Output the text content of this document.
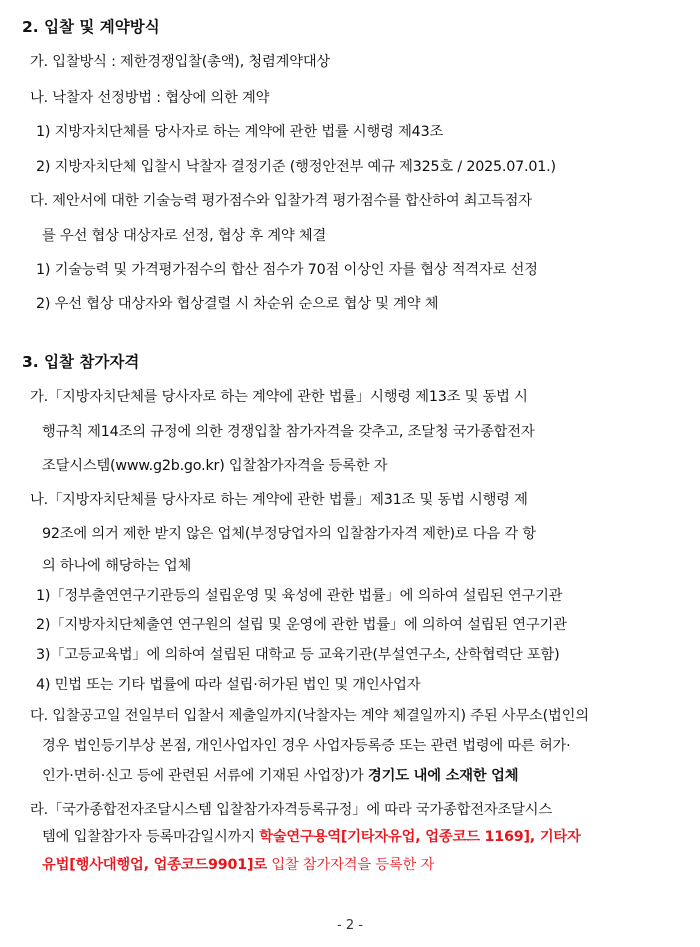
2. 입찰 및 계약방식
가. 입찰방식 : 제한경쟁입찰(총액), 청렴계약대상
나. 낙찰자 선정방법 : 협상에 의한 계약
1) 지방자치단체를 당사자로 하는 계약에 관한 법률 시행령 제43조
2) 지방자치단체 입찰시 낙찰자 결정기준 (행정안전부 예규 제325호 / 2025.07.01.)
다. 제안서에 대한 기술능력 평가점수와 입찰가격 평가점수를 합산하여 최고득점자
를 우선 협상 대상자로 선정, 협상 후 계약 체결
1) 기술능력 및 가격평가점수의 합산 점수가 70점 이상인 자를 협상 적격자로 선정
2) 우선 협상 대상자와 협상결렬 시 차순위 순으로 협상 및 계약 체
3. 입찰 참가자격
가.「지방자치단체를 당사자로 하는 계약에 관한 법률」시행령 제13조 및 동법 시
행규칙 제14조의 규정에 의한 경쟁입찰 참가자격을 갖추고, 조달청 국가종합전자
조달시스템(www.g2b.go.kr) 입찰참가자격을 등록한 자
나.「지방자치단체를 당사자로 하는 계약에 관한 법률」제31조 및 동법 시행령 제
92조에 의거 제한 받지 않은 업체(부정당업자의 입찰참가자격 제한)로 다음 각 항
의 하나에 해당하는 업체
1)「정부출연연구기관등의 설립운영 및 육성에 관한 법률」에 의하여 설립된 연구기관
2)「지방자치단체출연 연구원의 설립 및 운영에 관한 법률」에 의하여 설립된 연구기관
3)「고등교육법」에 의하여 설립된 대학교 등 교육기관(부설연구소, 산학협력단 포함)
4) 민법 또는 기타 법률에 따라 설립·허가된 법인 및 개인사업자
다. 입찰공고일 전일부터 입찰서 제출일까지(낙찰자는 계약 체결일까지) 주된 사무소(법인의
경우 법인등기부상 본점, 개인사업자인 경우 사업자등록증 또는 관련 법령에 따른 허가·
인가·면허·신고 등에 관련된 서류에 기재된 사업장)가 경기도 내에 소재한 업체
라.「국가종합전자조달시스템 입찰참가자격등록규정」에 따라 국가종합전자조달시스
템에 입찰참가자 등록마감일시까지 학술연구용역[기타자유업, 업종코드 1169], 기타자
유법[행사대행업, 업종코드9901]로 입찰 참가자격을 등록한 자
- 2 -
